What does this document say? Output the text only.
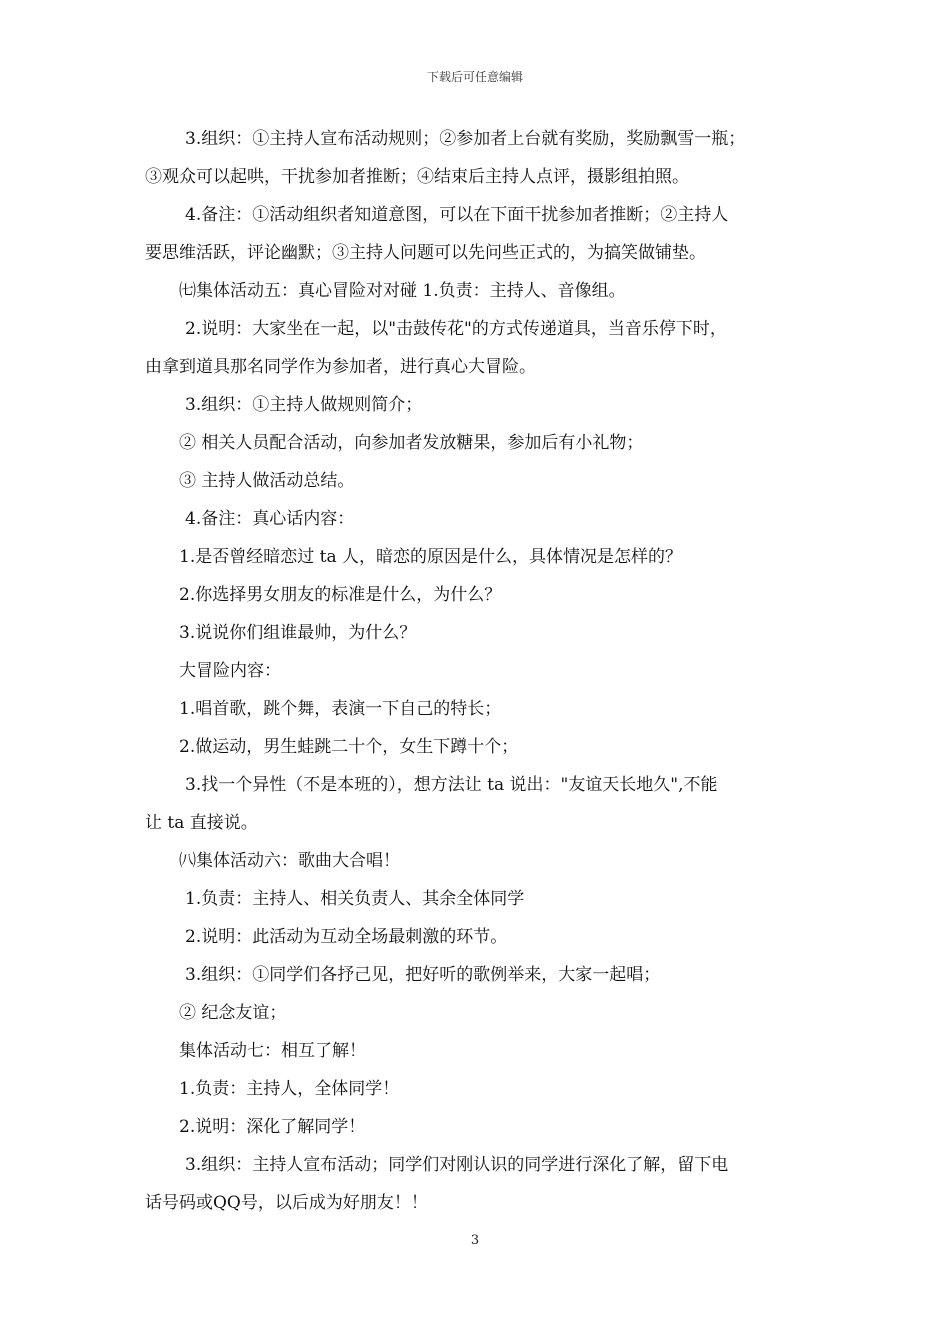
下载后可任意编辑

3.组织：①主持人宣布活动规则；②参加者上台就有奖励，奖励飘雪一瓶；

③观众可以起哄，干扰参加者推断；④结束后主持人点评，摄影组拍照。

4.备注：①活动组织者知道意图，可以在下面干扰参加者推断；②主持人

要思维活跃，评论幽默；③主持人问题可以先问些正式的，为搞笑做铺垫。

㈦集体活动五：真心冒险对对碰 1.负责：主持人、音像组。

2.说明：大家坐在一起，以"击鼓传花"的方式传递道具，当音乐停下时，

由拿到道具那名同学作为参加者，进行真心大冒险。

3.组织：①主持人做规则简介；

② 相关人员配合活动，向参加者发放糖果，参加后有小礼物；

③ 主持人做活动总结。

4.备注：真心话内容：

1.是否曾经暗恋过 ta 人，暗恋的原因是什么，具体情况是怎样的？

2.你选择男女朋友的标准是什么，为什么？

3.说说你们组谁最帅，为什么？

大冒险内容：

1.唱首歌，跳个舞，表演一下自己的特长；

2.做运动，男生蛙跳二十个，女生下蹲十个；

3.找一个异性（不是本班的），想方法让 ta 说出："友谊天长地久",不能

让 ta 直接说。

㈧集体活动六：歌曲大合唱！

1.负责：主持人、相关负责人、其余全体同学

2.说明：此活动为互动全场最刺激的环节。

3.组织：①同学们各抒己见，把好听的歌例举来，大家一起唱；

② 纪念友谊；

集体活动七：相互了解！

1.负责：主持人，全体同学！

2.说明：深化了解同学！

3.组织：主持人宣布活动；同学们对刚认识的同学进行深化了解，留下电

话号码或QQ号，以后成为好朋友！！

3
